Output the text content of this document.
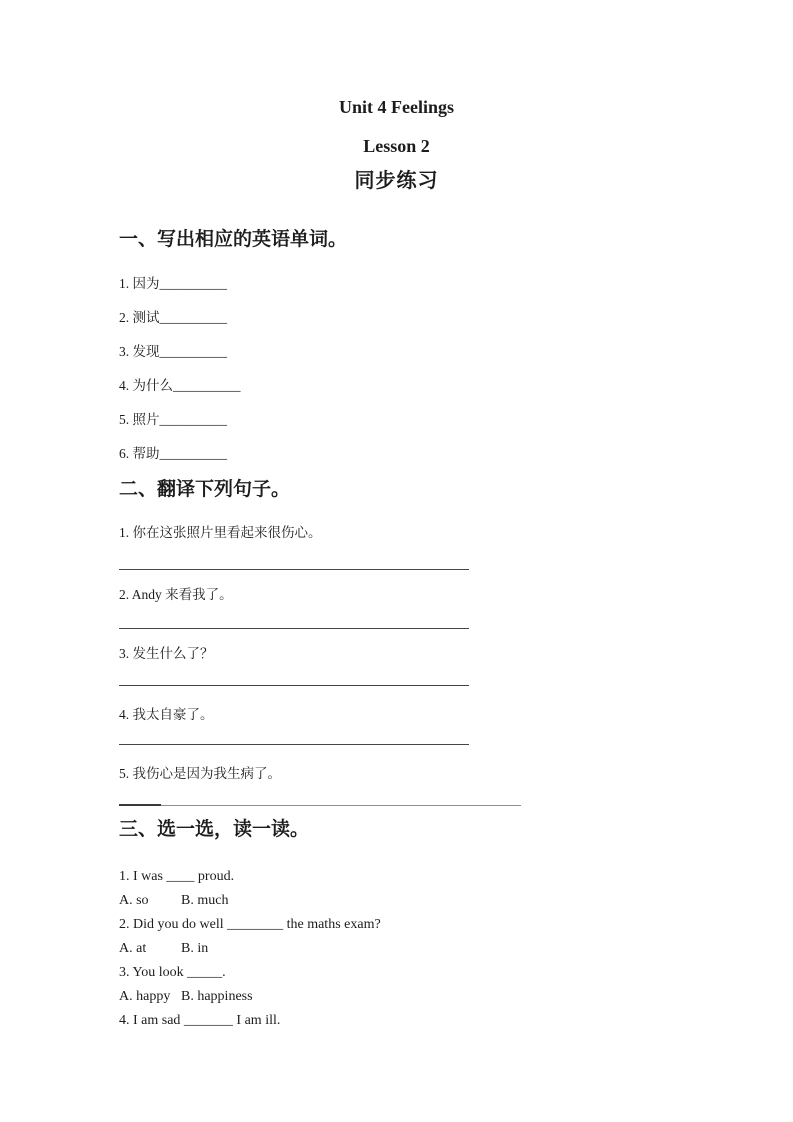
Unit 4 Feelings
Lesson 2
同步练习
一、写出相应的英语单词。
1. 因为__________
2. 测试__________
3. 发现__________
4. 为什么__________
5. 照片__________
6. 帮助__________
二、翻译下列句子。
1. 你在这张照片里看起来很伤心。
2. Andy 来看我了。
3. 发生什么了？
4. 我太自豪了。
5. 我伤心是因为我生病了。
三、选一选，读一读。
1. I was ____ proud.
A. so B. much
2. Did you do well ________ the maths exam?
A. at B. in
3. You look _____.
A. happy B. happiness
4. I am sad _______ I am ill.
